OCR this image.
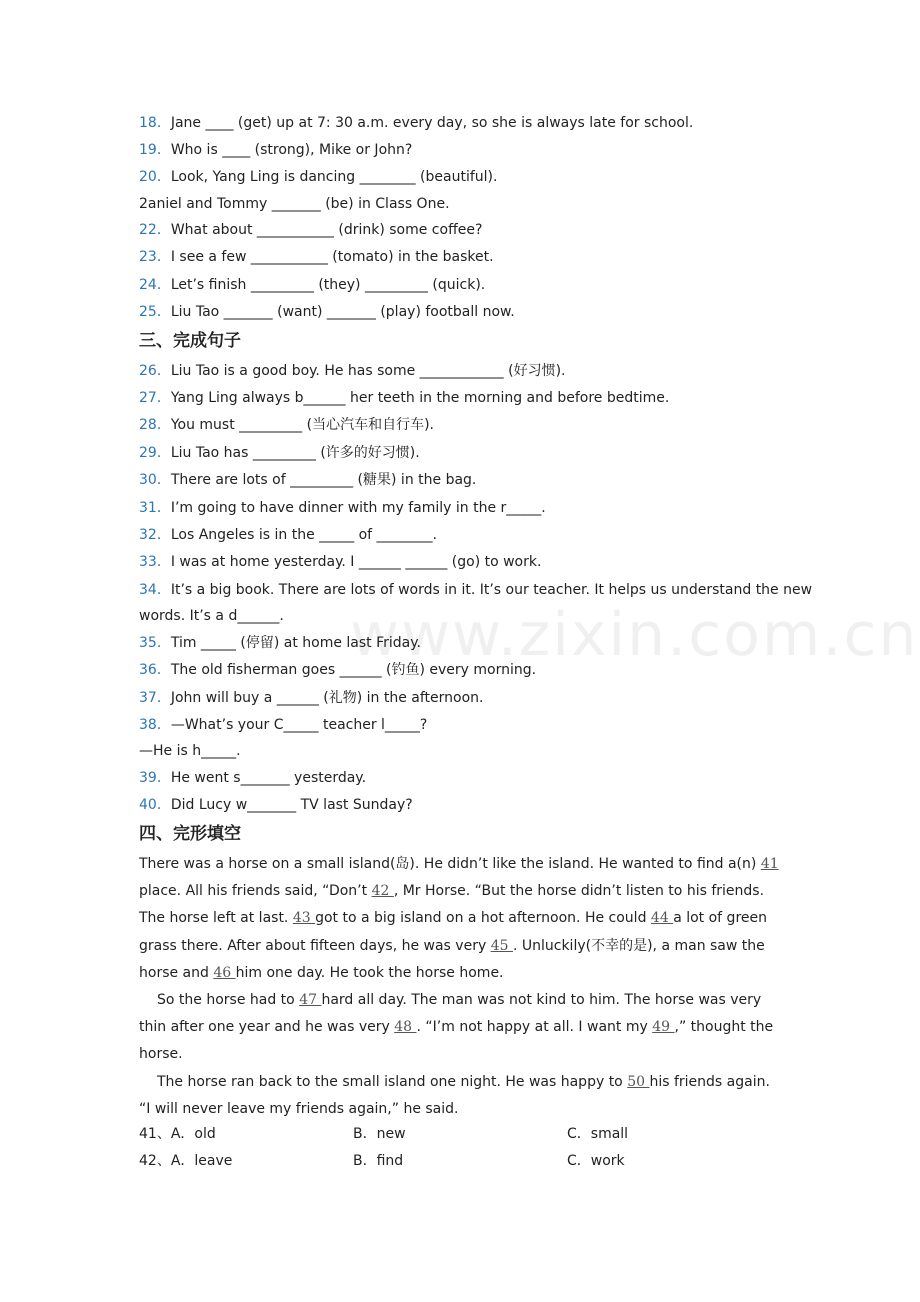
www.zixin.com.cn
18．Jane ____ (get) up at 7: 30 a.m. every day, so she is always late for school.
19．Who is ____ (strong), Mike or John?
20．Look, Yang Ling is dancing ________ (beautiful).
2aniel and Tommy _______ (be) in Class One.
22．What about ___________ (drink) some coffee?
23．I see a few ___________ (tomato) in the basket.
24．Let’s finish _________ (they) _________ (quick).
25．Liu Tao _______ (want) _______ (play) football now.
三、完成句子
26．Liu Tao is a good boy. He has some ____________ (好习惯).
27．Yang Ling always b______ her teeth in the morning and before bedtime.
28．You must _________ (当心汽车和自行车).
29．Liu Tao has _________ (许多的好习惯).
30．There are lots of _________ (糖果) in the bag.
31．I’m going to have dinner with my family in the r_____.
32．Los Angeles is in the _____ of ________.
33．I was at home yesterday. I ______ ______ (go) to work.
34．It’s a big book. There are lots of words in it. It’s our teacher. It helps us understand the new
words. It’s a d______.
35．Tim _____ (停留) at home last Friday.
36．The old fisherman goes ______ (钓鱼) every morning.
37．John will buy a ______ (礼物) in the afternoon.
38．—What’s your C_____ teacher l_____?
—He is h_____.
39．He went s_______ yesterday.
40．Did Lucy w_______ TV last Sunday?
四、完形填空

There was a horse on a small island(岛). He didn’t like the island. He wanted to find a(n) 41 place. All his friends said, “Don’t 42 , Mr Horse. “But the horse didn’t listen to his friends. The horse left at last. 43 got to a big island on a hot afternoon. He could 44 a lot of green grass there. After about fifteen days, he was very 45 . Unluckily(不幸的是), a man saw the horse and 46 him one day. He took the horse home.

So the horse had to 47 hard all day. The man was not kind to him. The horse was very thin after one year and he was very 48 . “I’m not happy at all. I want my 49 ,” thought the horse.

The horse ran back to the small island one night. He was happy to 50 his friends again. “I will never leave my friends again,” he said.

41、A．old	B．new	C．small
42、A．leave	B．find	C．work
